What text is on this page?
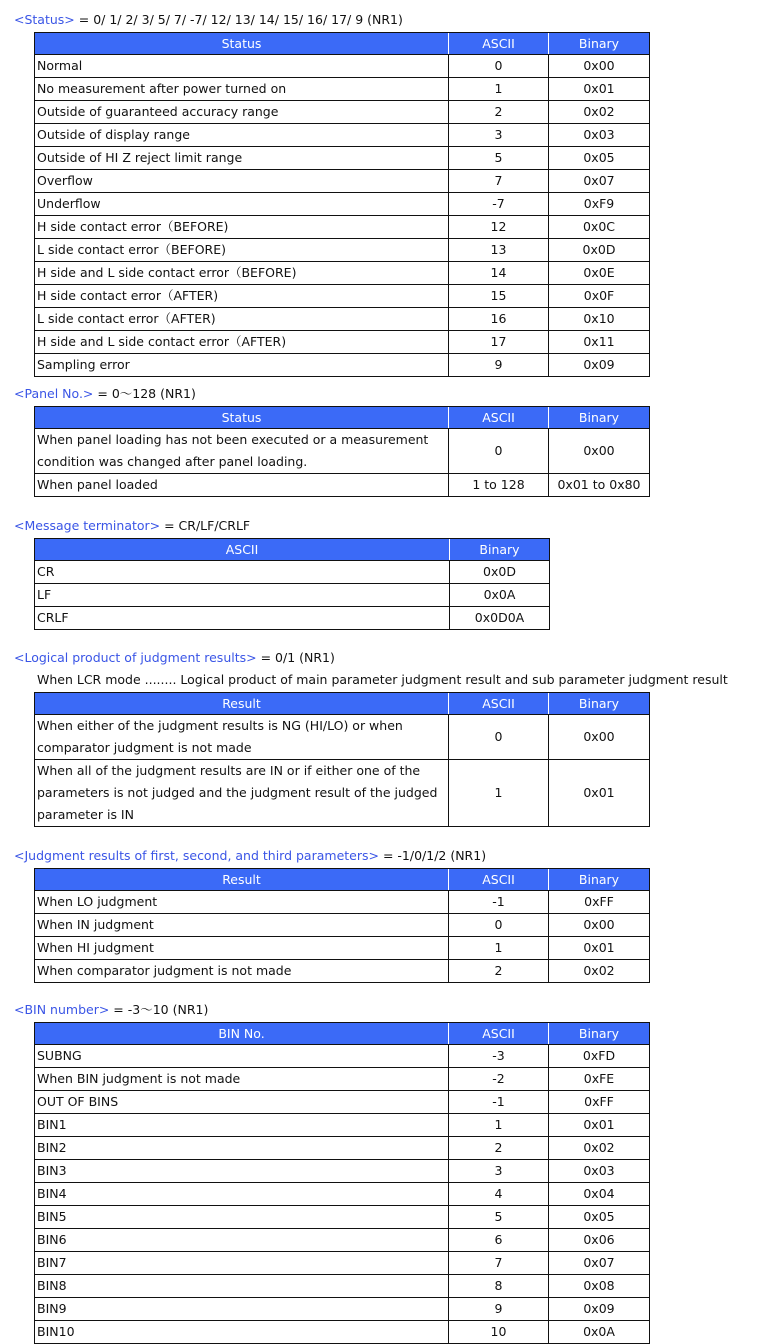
<Status> = 0/ 1/ 2/ 3/ 5/ 7/ -7/ 12/ 13/ 14/ 15/ 16/ 17/ 9 (NR1)
Status	ASCII	Binary
Normal	0	0x00
No measurement after power turned on	1	0x01
Outside of guaranteed accuracy range	2	0x02
Outside of display range	3	0x03
Outside of HI Z reject limit range	5	0x05
Overflow	7	0x07
Underflow	-7	0xF9
H side contact error（BEFORE)	12	0x0C
L side contact error（BEFORE)	13	0x0D
H side and L side contact error（BEFORE)	14	0x0E
H side contact error（AFTER)	15	0x0F
L side contact error（AFTER)	16	0x10
H side and L side contact error（AFTER)	17	0x11
Sampling error	9	0x09
<Panel No.> = 0〜128 (NR1)
Status	ASCII	Binary
When panel loading has not been executed or a measurement condition was changed after panel loading.	0	0x00
When panel loaded	1 to 128	0x01 to 0x80
<Message terminator> = CR/LF/CRLF
ASCII	Binary
CR	0x0D
LF	0x0A
CRLF	0x0D0A
<Logical product of judgment results> = 0/1 (NR1)
When LCR mode ........ Logical product of main parameter judgment result and sub parameter judgment result
Result	ASCII	Binary
When either of the judgment results is NG (HI/LO) or when comparator judgment is not made	0	0x00
When all of the judgment results are IN or if either one of the parameters is not judged and the judgment result of the judged parameter is IN	1	0x01
<Judgment results of first, second, and third parameters> = -1/0/1/2 (NR1)
Result	ASCII	Binary
When LO judgment	-1	0xFF
When IN judgment	0	0x00
When HI judgment	1	0x01
When comparator judgment is not made	2	0x02
<BIN number> = -3〜10 (NR1)
BIN No.	ASCII	Binary
SUBNG	-3	0xFD
When BIN judgment is not made	-2	0xFE
OUT OF BINS	-1	0xFF
BIN1	1	0x01
BIN2	2	0x02
BIN3	3	0x03
BIN4	4	0x04
BIN5	5	0x05
BIN6	6	0x06
BIN7	7	0x07
BIN8	8	0x08
BIN9	9	0x09
BIN10	10	0x0A
